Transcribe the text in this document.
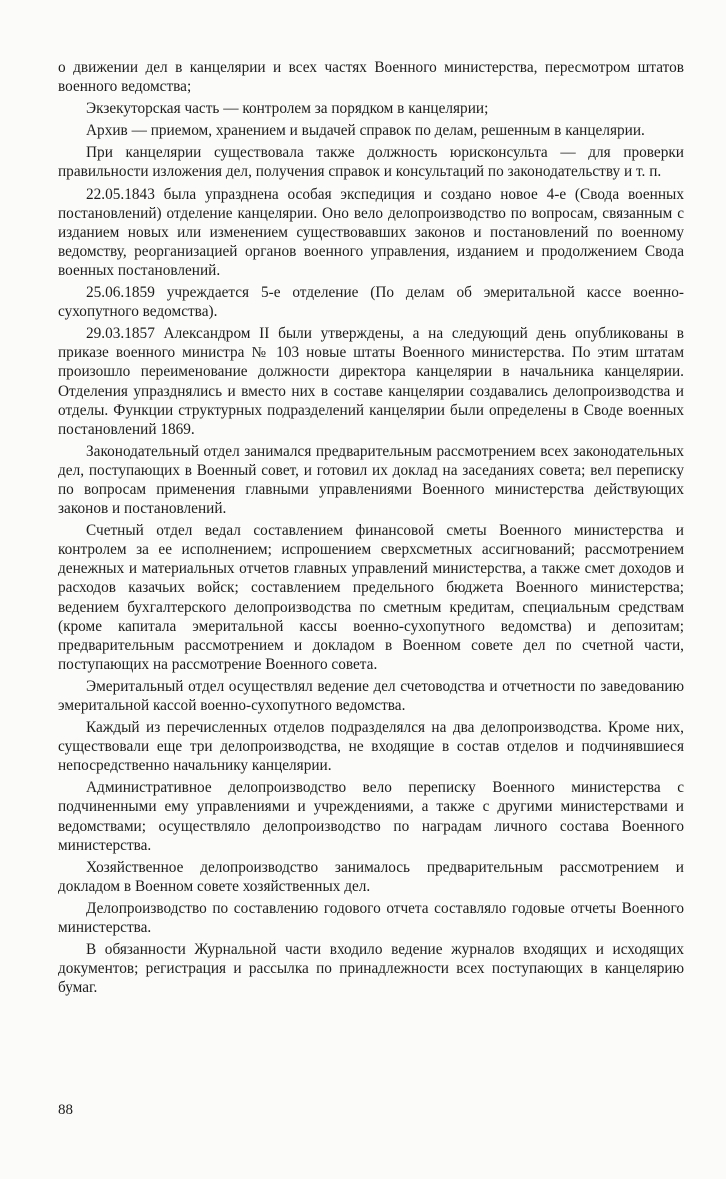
о движении дел в канцелярии и всех частях Военного министерства, пересмотром штатов военного ведомства;

Экзекуторская часть — контролем за порядком в канцелярии;

Архив — приемом, хранением и выдачей справок по делам, решенным в канцелярии.

При канцелярии существовала также должность юрисконсульта — для проверки правильности изложения дел, получения справок и консультаций по законодательству и т. п.

22.05.1843 была упразднена особая экспедиция и создано новое 4-е (Свода военных постановлений) отделение канцелярии. Оно вело делопроизводство по вопросам, связанным с изданием новых или изменением существовавших законов и постановлений по военному ведомству, реорганизацией органов военного управления, изданием и продолжением Свода военных постановлений.

25.06.1859 учреждается 5-е отделение (По делам об эмеритальной кассе военно-сухопутного ведомства).

29.03.1857 Александром II были утверждены, а на следующий день опубликованы в приказе военного министра № 103 новые штаты Военного министерства. По этим штатам произошло переименование должности директора канцелярии в начальника канцелярии. Отделения упразднялись и вместо них в составе канцелярии создавались делопроизводства и отделы. Функции структурных подразделений канцелярии были определены в Своде военных постановлений 1869.

Законодательный отдел занимался предварительным рассмотрением всех законодательных дел, поступающих в Военный совет, и готовил их доклад на заседаниях совета; вел переписку по вопросам применения главными управлениями Военного министерства действующих законов и постановлений.

Счетный отдел ведал составлением финансовой сметы Военного министерства и контролем за ее исполнением; испрошением сверхсметных ассигнований; рассмотрением денежных и материальных отчетов главных управлений министерства, а также смет доходов и расходов казачьих войск; составлением предельного бюджета Военного министерства; ведением бухгалтерского делопроизводства по сметным кредитам, специальным средствам (кроме капитала эмеритальной кассы военно-сухопутного ведомства) и депозитам; предварительным рассмотрением и докладом в Военном совете дел по счетной части, поступающих на рассмотрение Военного совета.

Эмеритальный отдел осуществлял ведение дел счетоводства и отчетности по заведованию эмеритальной кассой военно-сухопутного ведомства.

Каждый из перечисленных отделов подразделялся на два делопроизводства. Кроме них, существовали еще три делопроизводства, не входящие в состав отделов и подчинявшиеся непосредственно начальнику канцелярии.

Административное делопроизводство вело переписку Военного министерства с подчиненными ему управлениями и учреждениями, а также с другими министерствами и ведомствами; осуществляло делопроизводство по наградам личного состава Военного министерства.

Хозяйственное делопроизводство занималось предварительным рассмотрением и докладом в Военном совете хозяйственных дел.

Делопроизводство по составлению годового отчета составляло годовые отчеты Военного министерства.

В обязанности Журнальной части входило ведение журналов входящих и исходящих документов; регистрация и рассылка по принадлежности всех поступающих в канцелярию бумаг.

88
